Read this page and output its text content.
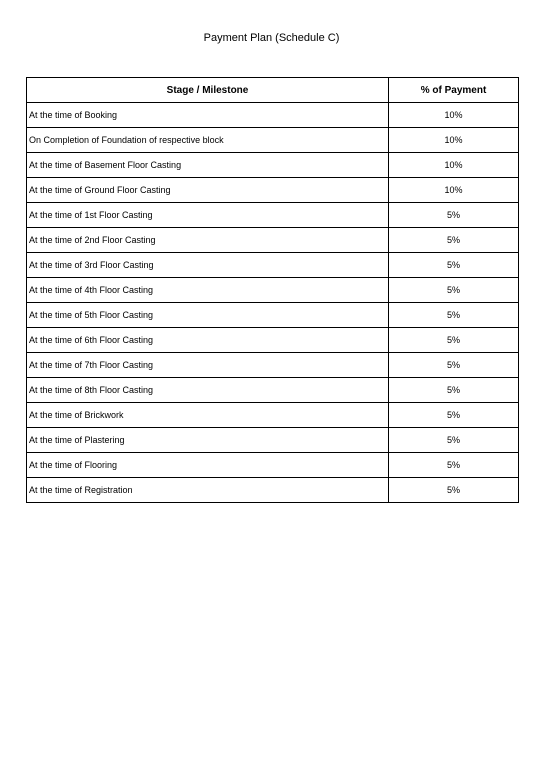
Payment Plan (Schedule C)
Stage / Milestone	% of Payment
At the time of Booking	10%
On Completion of Foundation of respective block	10%
At the time of Basement Floor Casting	10%
At the time of Ground Floor Casting	10%
At the time of 1st Floor Casting	5%
At the time of 2nd Floor Casting	5%
At the time of 3rd Floor Casting	5%
At the time of 4th Floor Casting	5%
At the time of 5th Floor Casting	5%
At the time of 6th Floor Casting	5%
At the time of 7th Floor Casting	5%
At the time of 8th Floor Casting	5%
At the time of Brickwork	5%
At the time of Plastering	5%
At the time of Flooring	5%
At the time of Registration	5%
